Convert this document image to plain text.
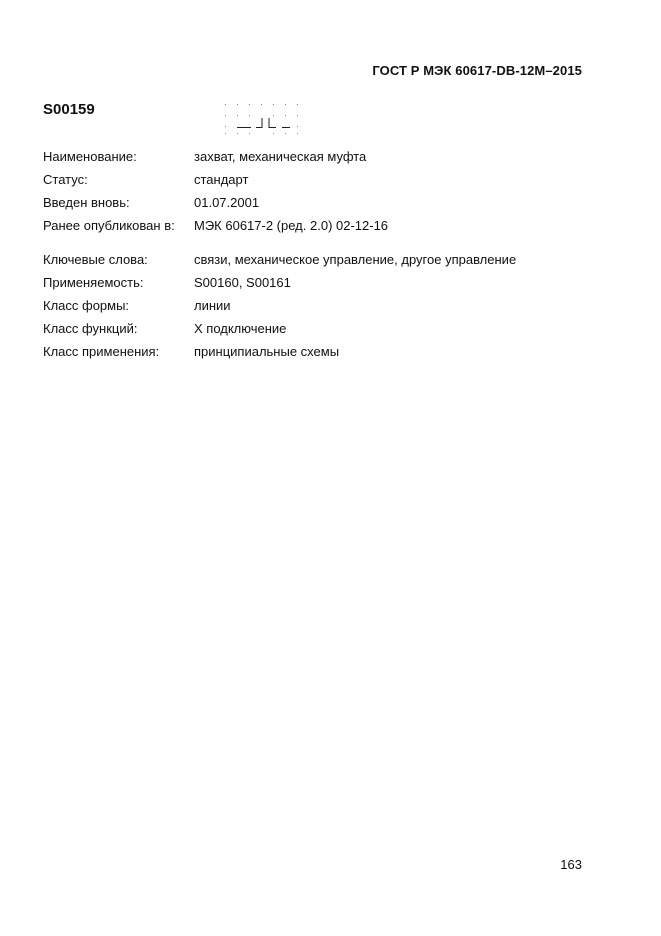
ГОСТ Р МЭК 60617-DB-12M–2015
S00159
Наименование:	захват, механическая муфта
Статус:	стандарт
Введен вновь:	01.07.2001
Ранее опубликован в: МЭК 60617-2 (ред. 2.0) 02-12-16
Ключевые слова:	связи, механическое управление, другое управление
Применяемость:	S00160, S00161
Класс формы:	линии
Класс функций:	X подключение
Класс применения:	принципиальные схемы
163
